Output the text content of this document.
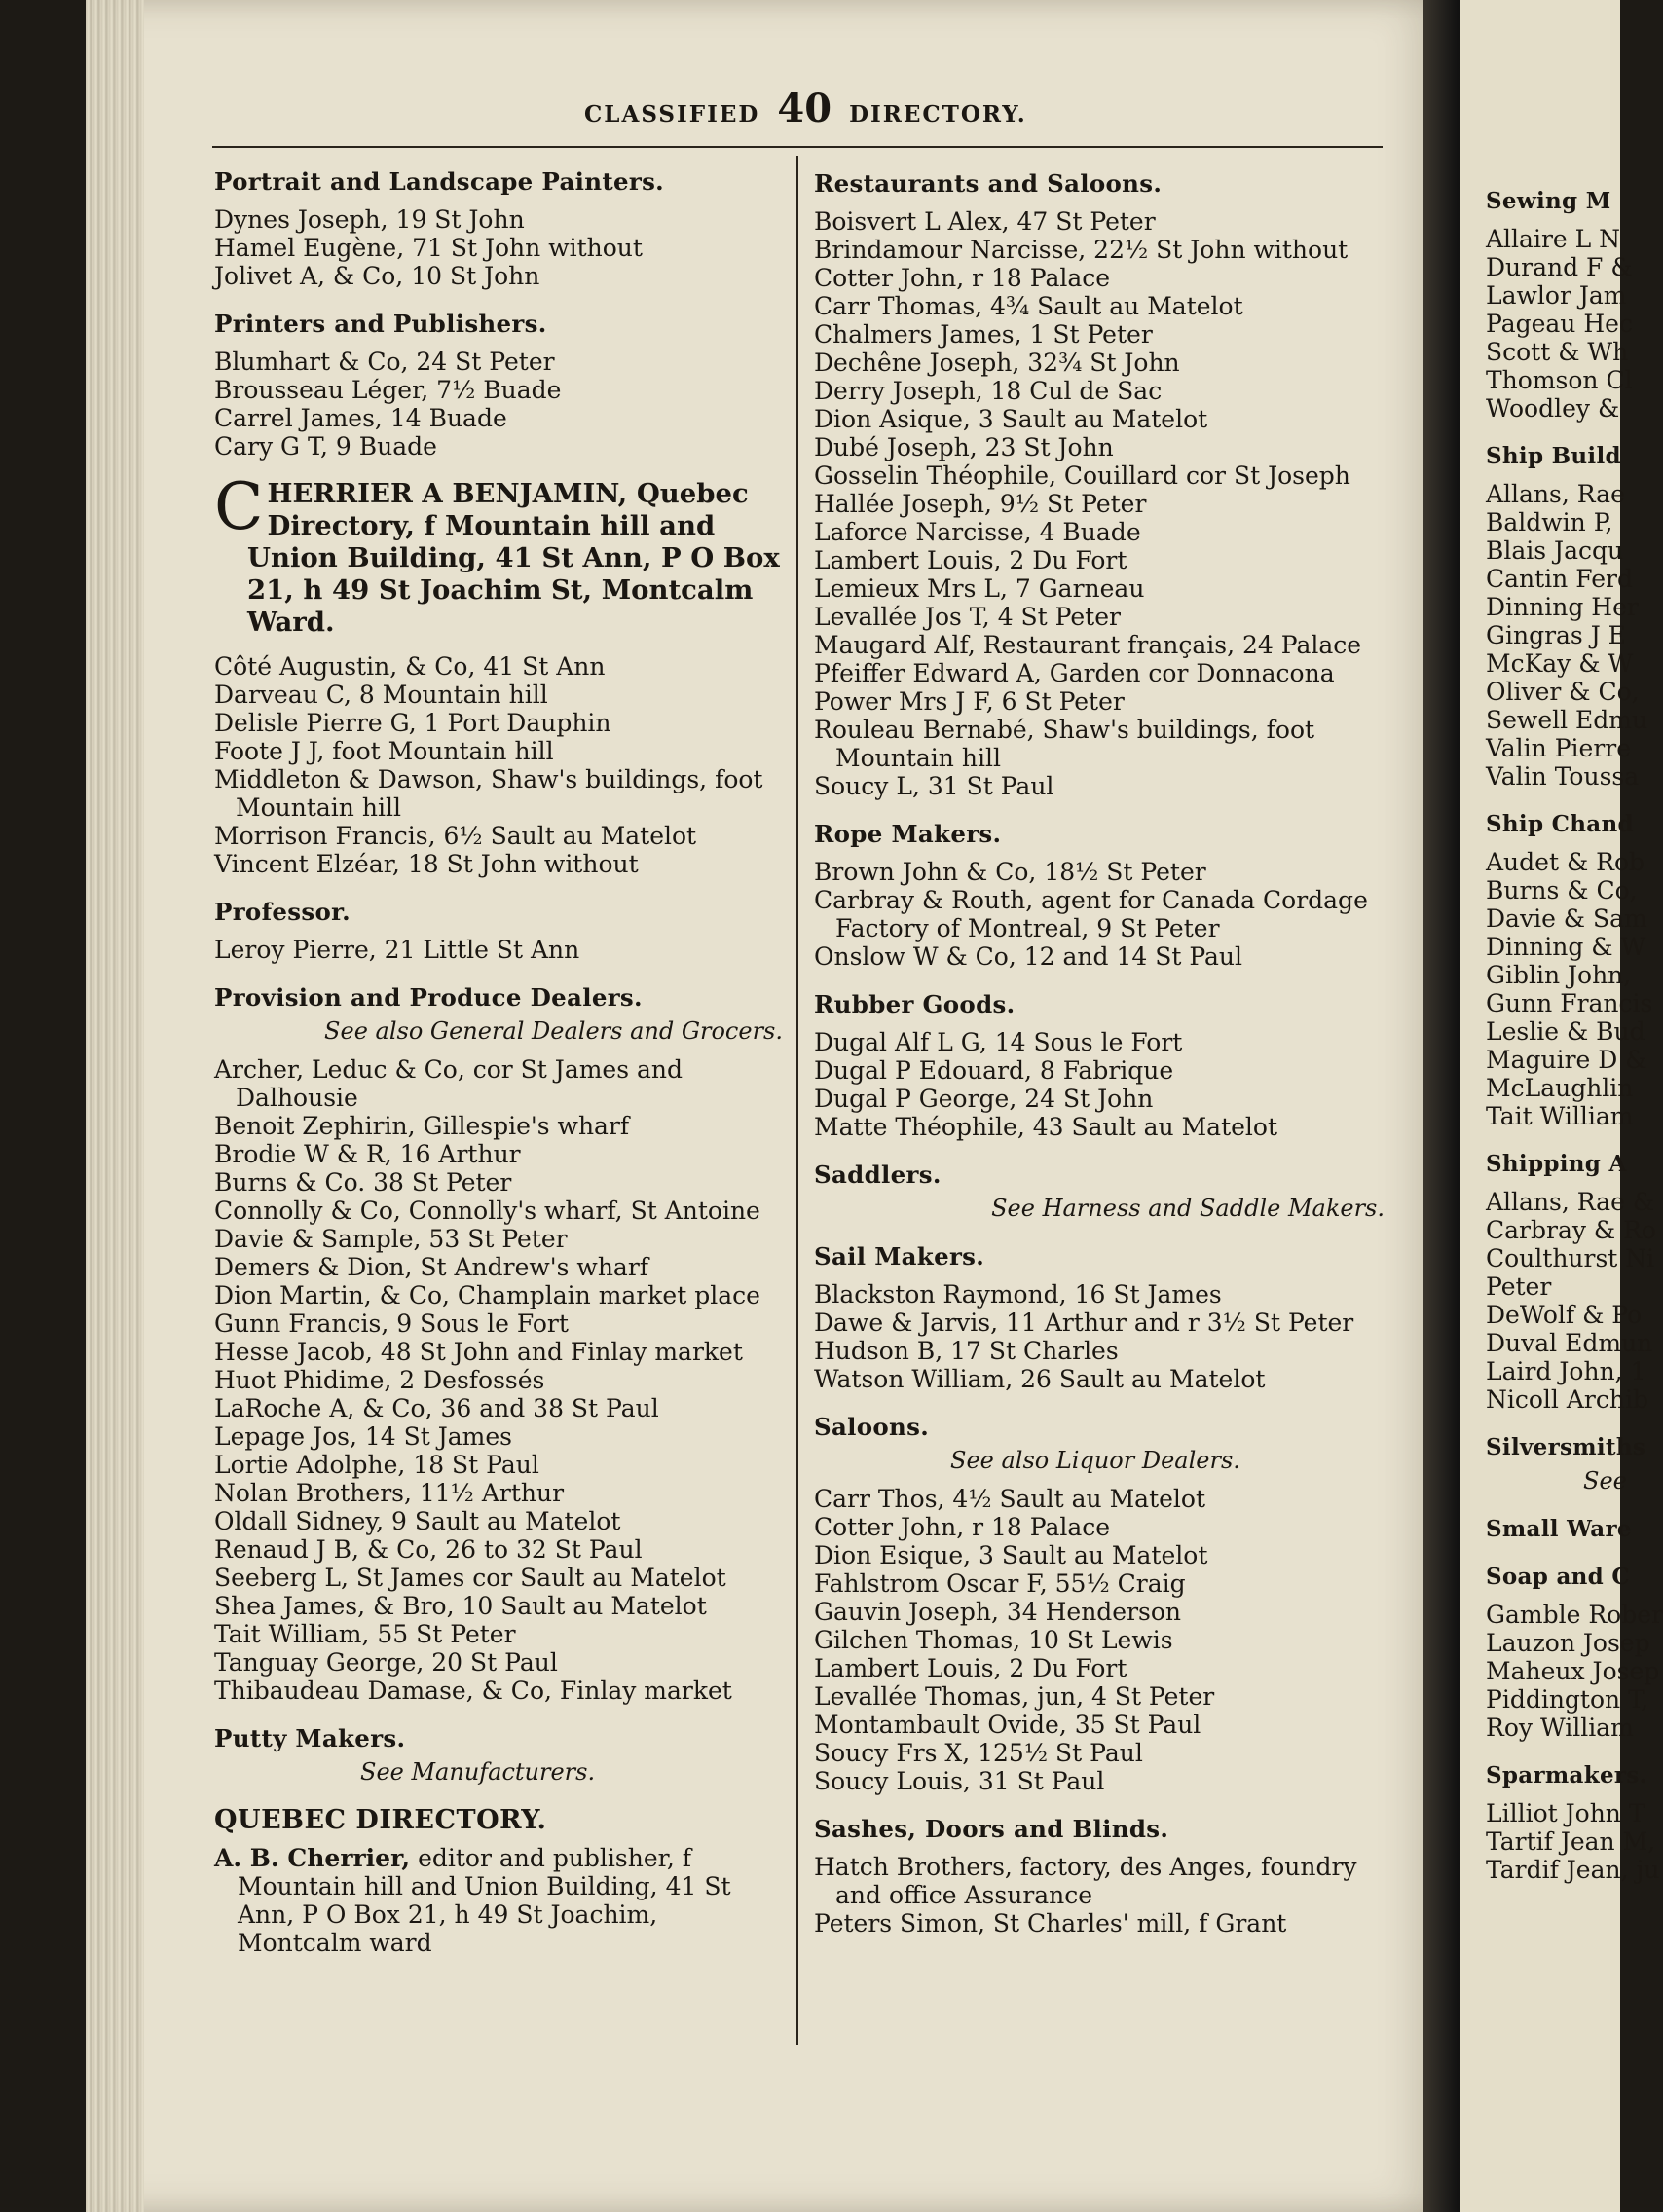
CLASSIFIED 40 DIRECTORY.
Portrait and Landscape Painters.
Dynes Joseph, 19 St John
Hamel Eugène, 71 St John without
Jolivet A, & Co, 10 St John
Printers and Publishers.
Blumhart & Co, 24 St Peter
Brousseau Léger, 7½ Buade
Carrel James, 14 Buade
Cary G T, 9 Buade
C HERRIER A BENJAMIN, Quebec Directory, f Mountain hill and Union Building, 41 St Ann, P O Box 21, h 49 St Joachim St, Montcalm Ward.
Côté Augustin, & Co, 41 St Ann
Darveau C, 8 Mountain hill
Delisle Pierre G, 1 Port Dauphin
Foote J J, foot Mountain hill
Middleton & Dawson, Shaw's buildings, foot Mountain hill
Morrison Francis, 6½ Sault au Matelot
Vincent Elzéar, 18 St John without
Professor.
Leroy Pierre, 21 Little St Ann
Provision and Produce Dealers.
See also General Dealers and Grocers.
Archer, Leduc & Co, cor St James and Dalhousie
Benoit Zephirin, Gillespie's wharf
Brodie W & R, 16 Arthur
Burns & Co. 38 St Peter
Connolly & Co, Connolly's wharf, St Antoine
Davie & Sample, 53 St Peter
Demers & Dion, St Andrew's wharf
Dion Martin, & Co, Champlain market place
Gunn Francis, 9 Sous le Fort
Hesse Jacob, 48 St John and Finlay market
Huot Phidime, 2 Desfossés
LaRoche A, & Co, 36 and 38 St Paul
Lepage Jos, 14 St James
Lortie Adolphe, 18 St Paul
Nolan Brothers, 11½ Arthur
Oldall Sidney, 9 Sault au Matelot
Renaud J B, & Co, 26 to 32 St Paul
Seeberg L, St James cor Sault au Matelot
Shea James, & Bro, 10 Sault au Matelot
Tait William, 55 St Peter
Tanguay George, 20 St Paul
Thibaudeau Damase, & Co, Finlay market
Putty Makers.
See Manufacturers.
QUEBEC DIRECTORY.
A. B. Cherrier, editor and publisher, f Mountain hill and Union Building, 41 St Ann, P O Box 21, h 49 St Joachim, Montcalm ward
Restaurants and Saloons.
Boisvert L Alex, 47 St Peter
Brindamour Narcisse, 22½ St John without
Cotter John, r 18 Palace
Carr Thomas, 4¾ Sault au Matelot
Chalmers James, 1 St Peter
Dechêne Joseph, 32¾ St John
Derry Joseph, 18 Cul de Sac
Dion Asique, 3 Sault au Matelot
Dubé Joseph, 23 St John
Gosselin Théophile, Couillard cor St Joseph
Hallée Joseph, 9½ St Peter
Laforce Narcisse, 4 Buade
Lambert Louis, 2 Du Fort
Lemieux Mrs L, 7 Garneau
Levallée Jos T, 4 St Peter
Maugard Alf, Restaurant français, 24 Palace
Pfeiffer Edward A, Garden cor Donnacona
Power Mrs J F, 6 St Peter
Rouleau Bernabé, Shaw's buildings, foot Mountain hill
Soucy L, 31 St Paul
Rope Makers.
Brown John & Co, 18½ St Peter
Carbray & Routh, agent for Canada Cordage Factory of Montreal, 9 St Peter
Onslow W & Co, 12 and 14 St Paul
Rubber Goods.
Dugal Alf L G, 14 Sous le Fort
Dugal P Edouard, 8 Fabrique
Dugal P George, 24 St John
Matte Théophile, 43 Sault au Matelot
Saddlers.
See Harness and Saddle Makers.
Sail Makers.
Blackston Raymond, 16 St James
Dawe & Jarvis, 11 Arthur and r 3½ St Peter
Hudson B, 17 St Charles
Watson William, 26 Sault au Matelot
Saloons.
See also Liquor Dealers.
Carr Thos, 4½ Sault au Matelot
Cotter John, r 18 Palace
Dion Esique, 3 Sault au Matelot
Fahlstrom Oscar F, 55½ Craig
Gauvin Joseph, 34 Henderson
Gilchen Thomas, 10 St Lewis
Lambert Louis, 2 Du Fort
Levallée Thomas, jun, 4 St Peter
Montambault Ovide, 35 St Paul
Soucy Frs X, 125½ St Paul
Soucy Louis, 31 St Paul
Sashes, Doors and Blinds.
Hatch Brothers, factory, des Anges, foundry and office Assurance
Peters Simon, St Charles' mill, f Grant
Sewing M
Allaire L N
Durand F &
Lawlor Jam
Pageau Hec
Scott & Wh
Thomson Cl
Woodley &
Ship Build
Allans, Rae
Baldwin P,
Blais Jacqu
Cantin Ferd
Dinning Her
Gingras J E
McKay & W
Oliver & Co,
Sewell Edmu
Valin Pierre
Valin Toussa
Ship Chand
Audet & Rob
Burns & Co,
Davie & Sam
Dinning & W
Giblin John,
Gunn Francis
Leslie & Bud
Maguire D &
McLaughlin
Tait William
Shipping A
Allans, Rae &
Carbray & Ro
Coulthurst Ni
Peter
DeWolf & Po
Duval Edmun
Laird John, 1
Nicoll Archib
Silversmiths
See
Small Ware
Soap and C
Gamble Rober
Lauzon Josep
Maheux Josep
Piddington T,
Roy William
Sparmakers.
Lilliot John T
Tartif Jean M,
Tardif Jean, ju
